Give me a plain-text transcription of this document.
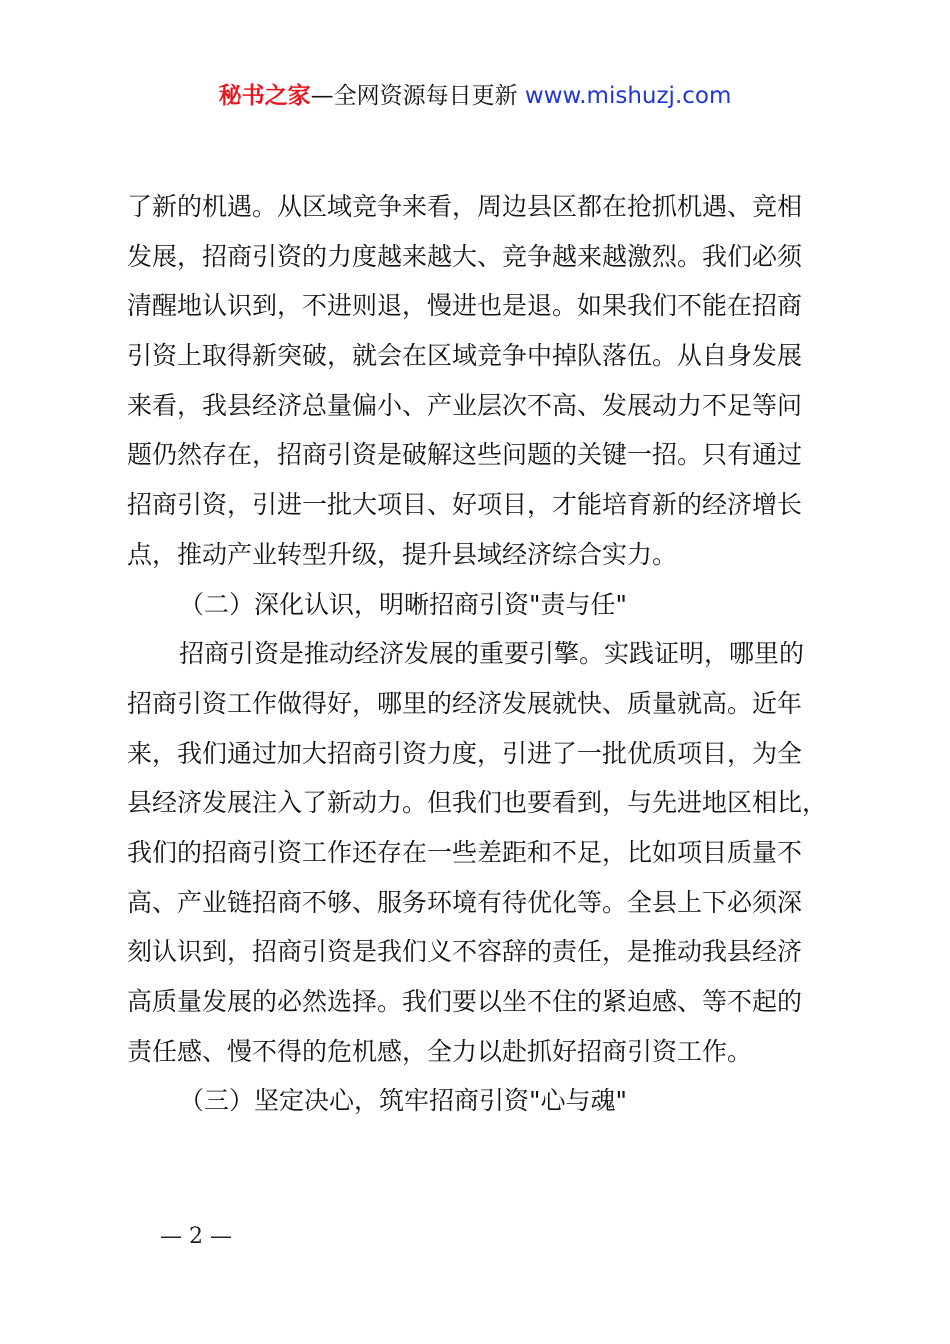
秘书之家—全网资源每日更新 www.mishuzj.com
了新的机遇。从区域竞争来看，周边县区都在抢抓机遇、竞相
发展，招商引资的力度越来越大、竞争越来越激烈。我们必须
清醒地认识到，不进则退，慢进也是退。如果我们不能在招商
引资上取得新突破，就会在区域竞争中掉队落伍。从自身发展
来看，我县经济总量偏小、产业层次不高、发展动力不足等问
题仍然存在，招商引资是破解这些问题的关键一招。只有通过
招商引资，引进一批大项目、好项目，才能培育新的经济增长
点，推动产业转型升级，提升县域经济综合实力。
（二）深化认识，明晰招商引资"责与任"
招商引资是推动经济发展的重要引擎。实践证明，哪里的
招商引资工作做得好，哪里的经济发展就快、质量就高。近年
来，我们通过加大招商引资力度，引进了一批优质项目，为全
县经济发展注入了新动力。但我们也要看到，与先进地区相比，
我们的招商引资工作还存在一些差距和不足，比如项目质量不
高、产业链招商不够、服务环境有待优化等。全县上下必须深
刻认识到，招商引资是我们义不容辞的责任，是推动我县经济
高质量发展的必然选择。我们要以坐不住的紧迫感、等不起的
责任感、慢不得的危机感，全力以赴抓好招商引资工作。
（三）坚定决心，筑牢招商引资"心与魂"
— 2 —
